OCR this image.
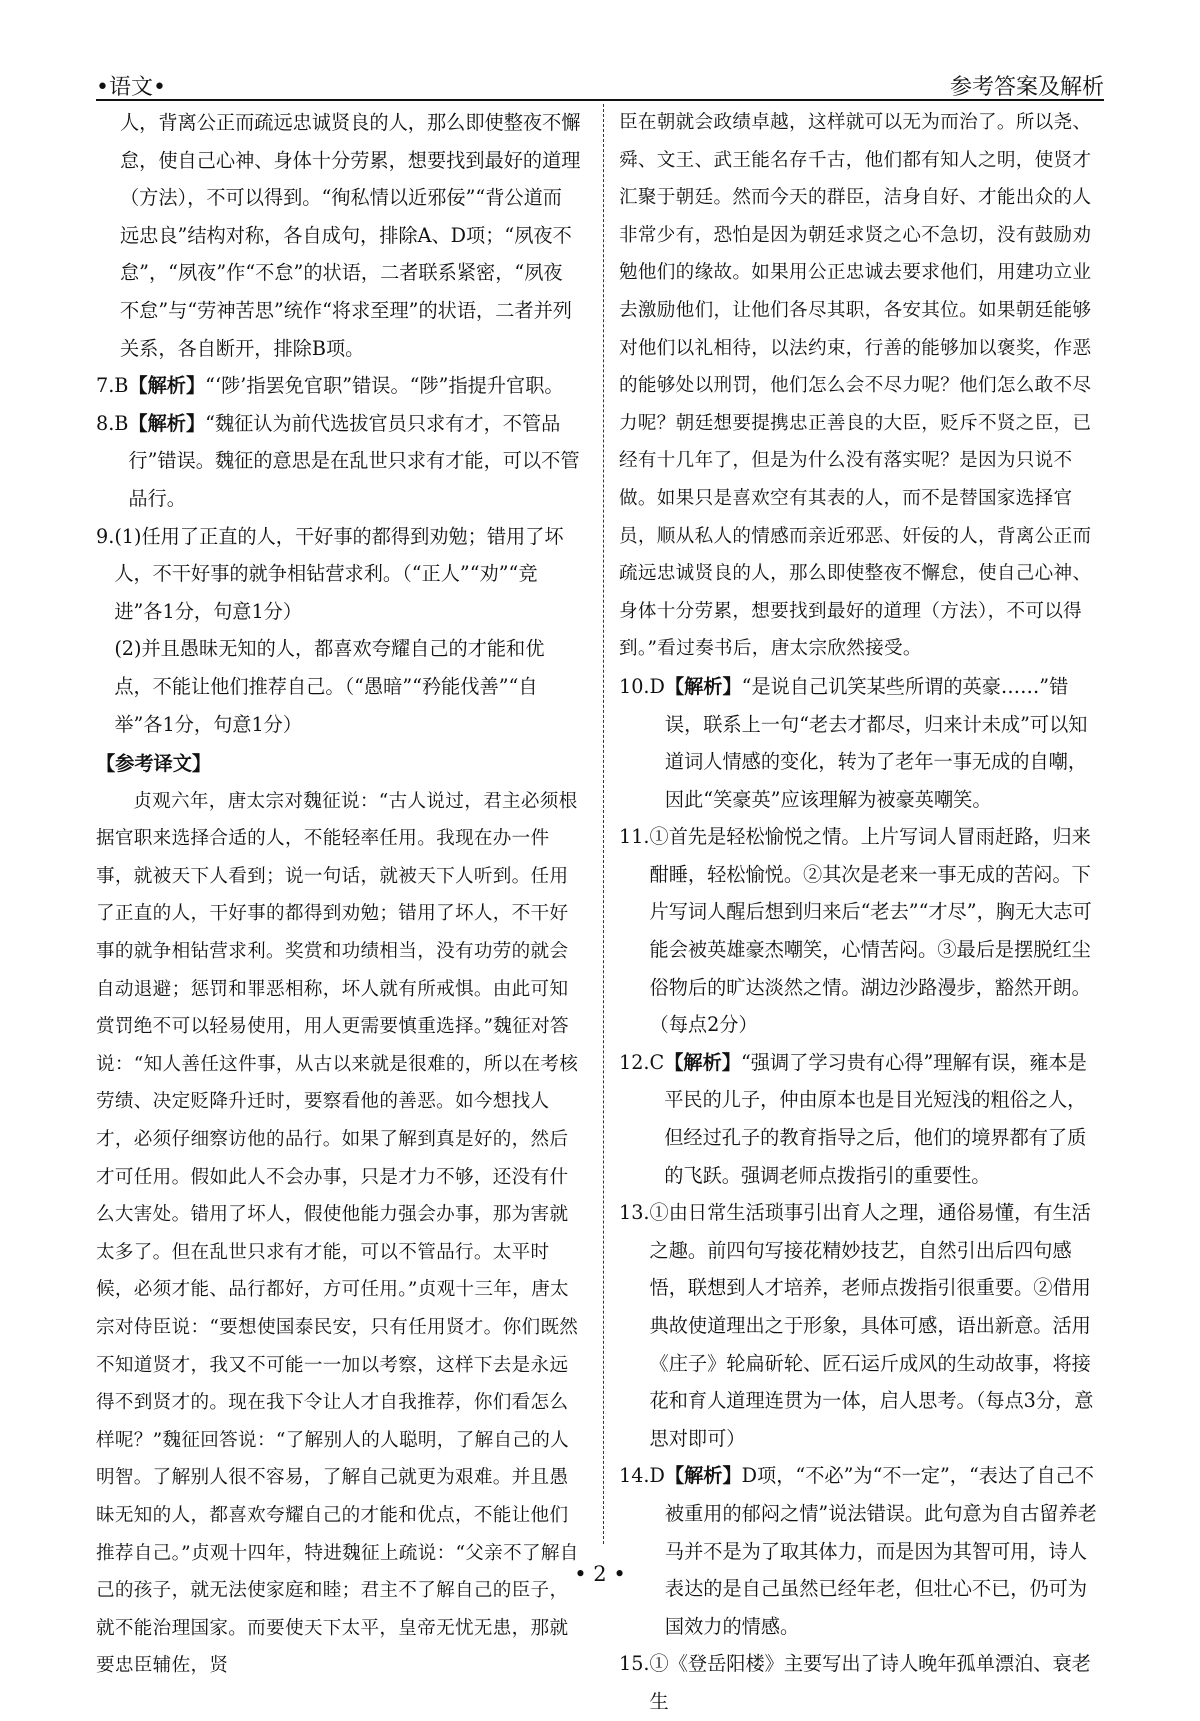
•语文•	参考答案及解析

人，背离公正而疏远忠诚贤良的人，那么即使整夜不懈怠，使自己心神、身体十分劳累，想要找到最好的道理（方法），不可以得到。“徇私情以近邪佞”“背公道而远忠良”结构对称，各自成句，排除A、D项；“夙夜不怠”，“夙夜”作“不怠”的状语，二者联系紧密，“夙夜不怠”与“劳神苦思”统作“将求至理”的状语，二者并列关系，各自断开，排除B项。

7.B 【解析】“‘陟’指罢免官职”错误。“陟”指提升官职。
8.B 【解析】“魏征认为前代选拔官员只求有才，不管品行”错误。魏征的意思是在乱世只求有才能，可以不管品行。
9. (1)任用了正直的人，干好事的都得到劝勉；错用了坏人，不干好事的就争相钻营求利。（“正人”“劝”“竞进”各1分，句意1分）
(2)并且愚昧无知的人，都喜欢夸耀自己的才能和优点，不能让他们推荐自己。（“愚暗”“矜能伐善”“自举”各1分，句意1分）
【参考译文】

贞观六年，唐太宗对魏征说：“古人说过，君主必须根据官职来选择合适的人，不能轻率任用。我现在办一件事，就被天下人看到；说一句话，就被天下人听到。任用了正直的人，干好事的都得到劝勉；错用了坏人，不干好事的就争相钻营求利。奖赏和功绩相当，没有功劳的就会自动退避；惩罚和罪恶相称，坏人就有所戒惧。由此可知赏罚绝不可以轻易使用，用人更需要慎重选择。”魏征对答说：“知人善任这件事，从古以来就是很难的，所以在考核劳绩、决定贬降升迁时，要察看他的善恶。如今想找人才，必须仔细察访他的品行。如果了解到真是好的，然后才可任用。假如此人不会办事，只是才力不够，还没有什么大害处。错用了坏人，假使他能力强会办事，那为害就太多了。但在乱世只求有才能，可以不管品行。太平时候，必须才能、品行都好，方可任用。”贞观十三年，唐太宗对侍臣说：“要想使国泰民安，只有任用贤才。你们既然不知道贤才，我又不可能一一加以考察，这样下去是永远得不到贤才的。现在我下令让人才自我推荐，你们看怎么样呢？”魏征回答说：“了解别人的人聪明，了解自己的人明智。了解别人很不容易，了解自己就更为艰难。并且愚昧无知的人，都喜欢夸耀自己的才能和优点，不能让他们推荐自己。”贞观十四年，特进魏征上疏说：“父亲不了解自己的孩子，就无法使家庭和睦；君主不了解自己的臣子，就不能治理国家。而要使天下太平，皇帝无忧无患，那就要忠臣辅佐，贤

臣在朝就会政绩卓越，这样就可以无为而治了。所以尧、舜、文王、武王能名存千古，他们都有知人之明，使贤才汇聚于朝廷。然而今天的群臣，洁身自好、才能出众的人非常少有，恐怕是因为朝廷求贤之心不急切，没有鼓励劝勉他们的缘故。如果用公正忠诚去要求他们，用建功立业去激励他们，让他们各尽其职，各安其位。如果朝廷能够对他们以礼相待，以法约束，行善的能够加以褒奖，作恶的能够处以刑罚，他们怎么会不尽力呢？他们怎么敢不尽力呢？朝廷想要提携忠正善良的大臣，贬斥不贤之臣，已经有十几年了，但是为什么没有落实呢？是因为只说不做。如果只是喜欢空有其表的人，而不是替国家选择官员，顺从私人的情感而亲近邪恶、奸佞的人，背离公正而疏远忠诚贤良的人，那么即使整夜不懈怠，使自己心神、身体十分劳累，想要找到最好的道理（方法），不可以得到。”看过奏书后，唐太宗欣然接受。

10.D 【解析】“是说自己讥笑某些所谓的英豪……”错误，联系上一句“老去才都尽，归来计未成”可以知道词人情感的变化，转为了老年一事无成的自嘲，因此“笑豪英”应该理解为被豪英嘲笑。
11. ①首先是轻松愉悦之情。上片写词人冒雨赶路，归来酣睡，轻松愉悦。②其次是老来一事无成的苦闷。下片写词人醒后想到归来后“老去”“才尽”，胸无大志可能会被英雄豪杰嘲笑，心情苦闷。③最后是摆脱红尘俗物后的旷达淡然之情。湖边沙路漫步，豁然开朗。（每点2分）
12.C 【解析】“强调了学习贵有心得”理解有误，雍本是平民的儿子，仲由原本也是目光短浅的粗俗之人，但经过孔子的教育指导之后，他们的境界都有了质的飞跃。强调老师点拨指引的重要性。
13. ①由日常生活琐事引出育人之理，通俗易懂，有生活之趣。前四句写接花精妙技艺，自然引出后四句感悟，联想到人才培养，老师点拨指引很重要。②借用典故使道理出之于形象，具体可感，语出新意。活用《庄子》轮扁斫轮、匠石运斤成风的生动故事，将接花和育人道理连贯为一体，启人思考。（每点3分，意思对即可）
14.D 【解析】D项，“不必”为“不一定”，“表达了自己不被重用的郁闷之情”说法错误。此句意为自古留养老马并不是为了取其体力，而是因为其智可用，诗人表达的是自己虽然已经年老，但壮心不已，仍可为国效力的情感。
15. ①《登岳阳楼》主要写出了诗人晚年孤单漂泊、衰老生
• 2 •
